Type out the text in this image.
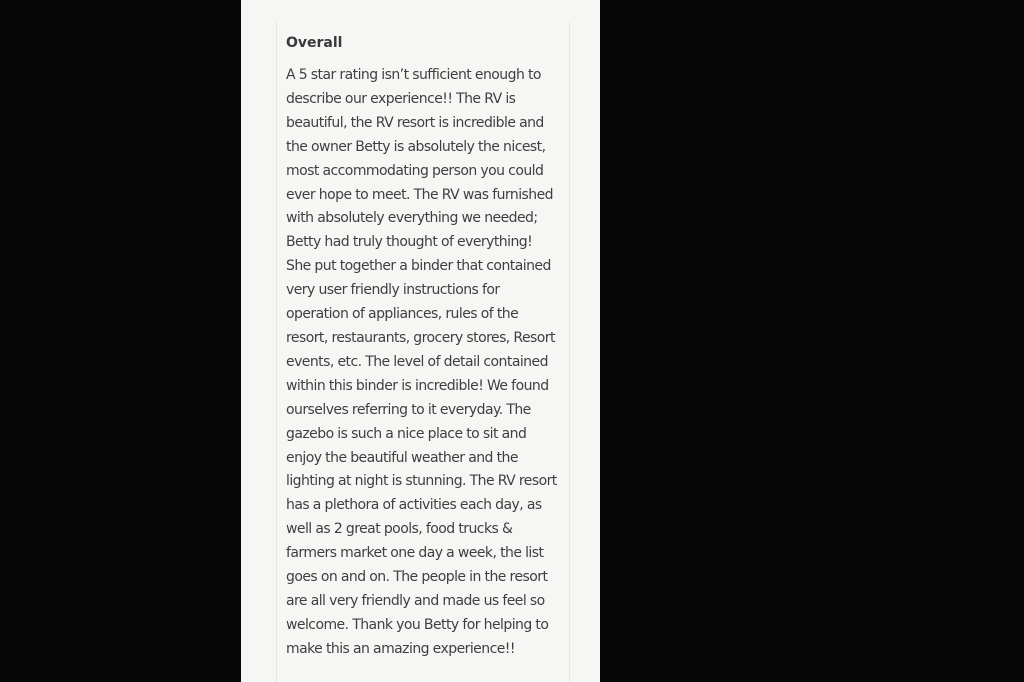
Overall

A 5 star rating isn’t sufficient enough to
describe our experience!! The RV is
beautiful, the RV resort is incredible and
the owner Betty is absolutely the nicest,
most accommodating person you could
ever hope to meet. The RV was furnished
with absolutely everything we needed;
Betty had truly thought of everything!
She put together a binder that contained
very user friendly instructions for
operation of appliances, rules of the
resort, restaurants, grocery stores, Resort
events, etc. The level of detail contained
within this binder is incredible! We found
ourselves referring to it everyday. The
gazebo is such a nice place to sit and
enjoy the beautiful weather and the
lighting at night is stunning. The RV resort
has a plethora of activities each day, as
well as 2 great pools, food trucks &
farmers market one day a week, the list
goes on and on. The people in the resort
are all very friendly and made us feel so
welcome. Thank you Betty for helping to
make this an amazing experience!!
